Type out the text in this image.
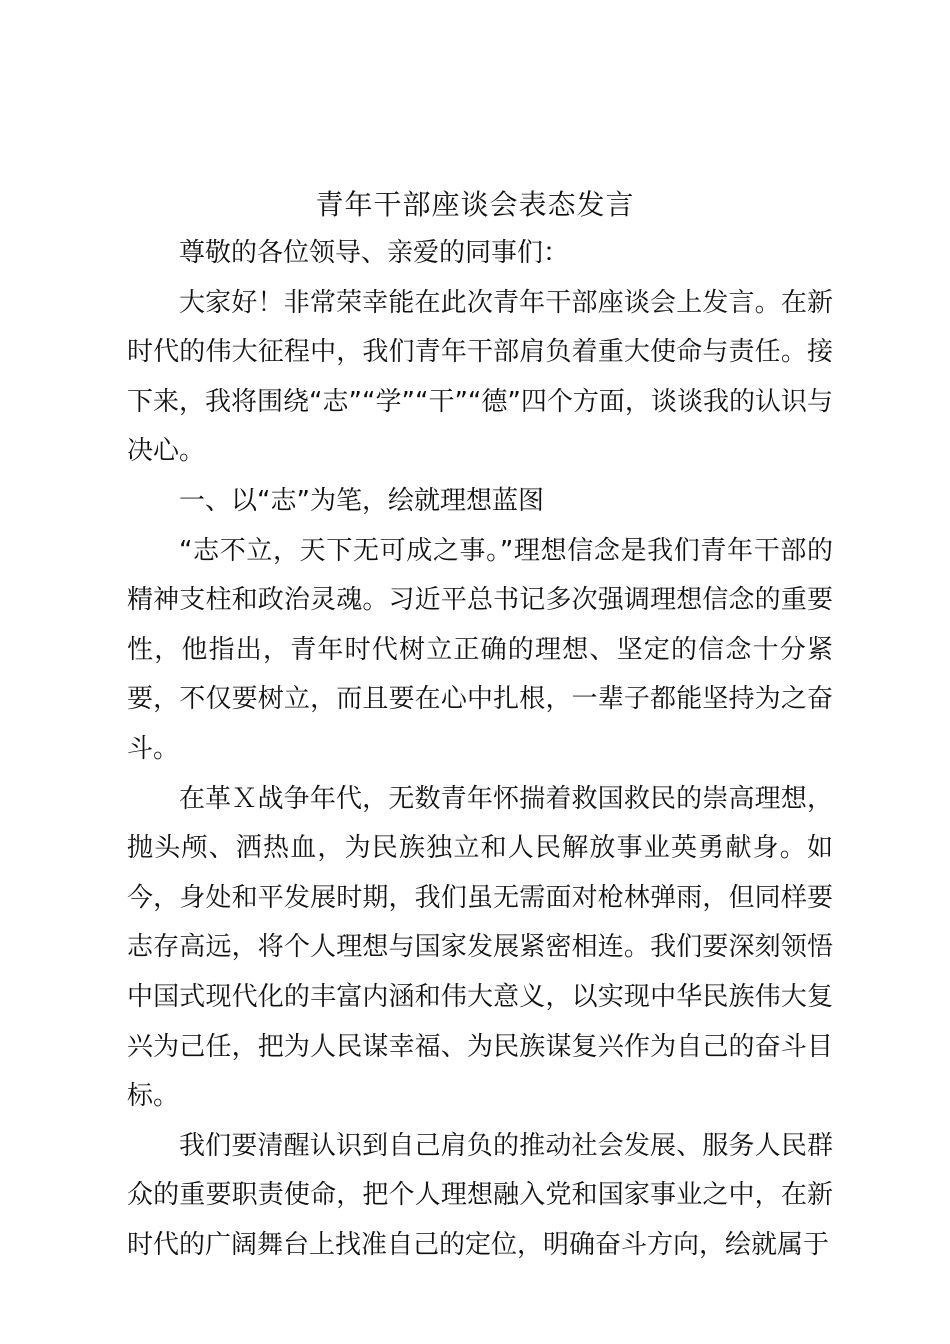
青年干部座谈会表态发言

尊敬的各位领导、亲爱的同事们：

大家好！非常荣幸能在此次青年干部座谈会上发言。在新时代的伟大征程中，我们青年干部肩负着重大使命与责任。接下来，我将围绕“志”“学”“干”“德”四个方面，谈谈我的认识与决心。

一、以“志”为笔，绘就理想蓝图

“志不立，天下无可成之事。”理想信念是我们青年干部的精神支柱和政治灵魂。习近平总书记多次强调理想信念的重要性，他指出，青年时代树立正确的理想、坚定的信念十分紧要，不仅要树立，而且要在心中扎根，一辈子都能坚持为之奋斗。

在革Ｘ战争年代，无数青年怀揣着救国救民的崇高理想，抛头颅、洒热血，为民族独立和人民解放事业英勇献身。如今，身处和平发展时期，我们虽无需面对枪林弹雨，但同样要志存高远，将个人理想与国家发展紧密相连。我们要深刻领悟中国式现代化的丰富内涵和伟大意义，以实现中华民族伟大复兴为己任，把为人民谋幸福、为民族谋复兴作为自己的奋斗目标。

我们要清醒认识到自己肩负的推动社会发展、服务人民群众的重要职责使命，把个人理想融入党和国家事业之中，在新时代的广阔舞台上找准自己的定位，明确奋斗方向，绘就属于
